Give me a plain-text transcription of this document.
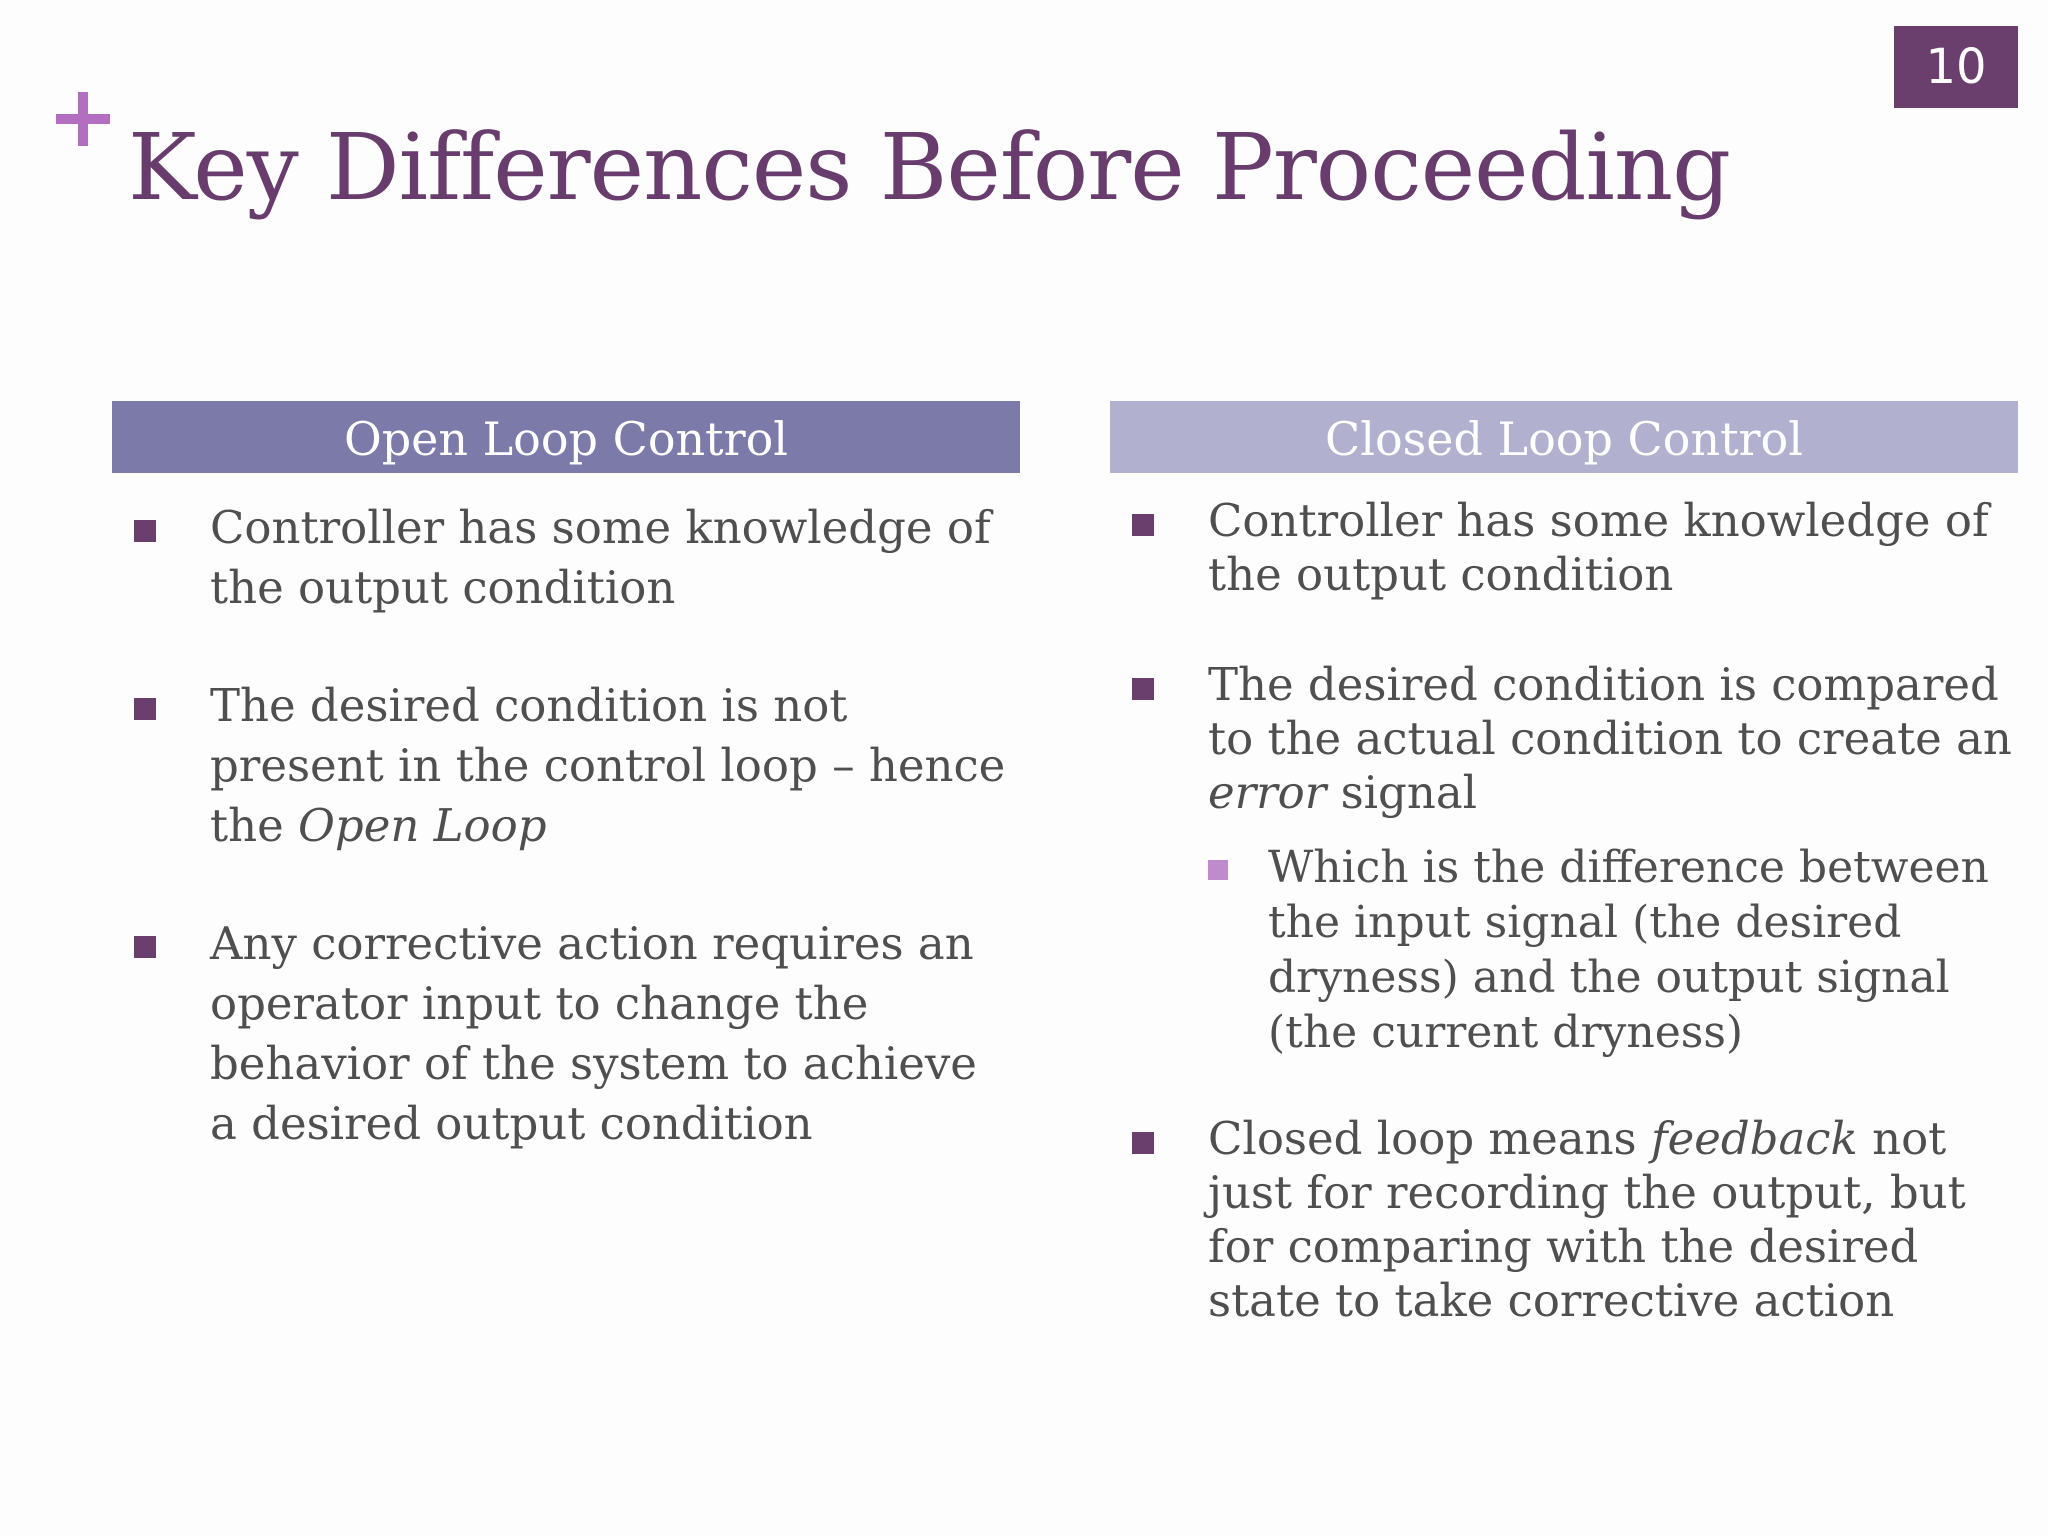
10
Key Differences Before Proceeding
Open Loop Control	Closed Loop Control
Controller has some knowledge of the output condition
The desired condition is not present in the control loop – hence the Open Loop
Any corrective action requires an operator input to change the behavior of the system to achieve a desired output condition
Controller has some knowledge of the output condition
The desired condition is compared to the actual condition to create an error signal
Which is the difference between the input signal (the desired dryness) and the output signal (the current dryness)
Closed loop means feedback not just for recording the output, but for comparing with the desired state to take corrective action
